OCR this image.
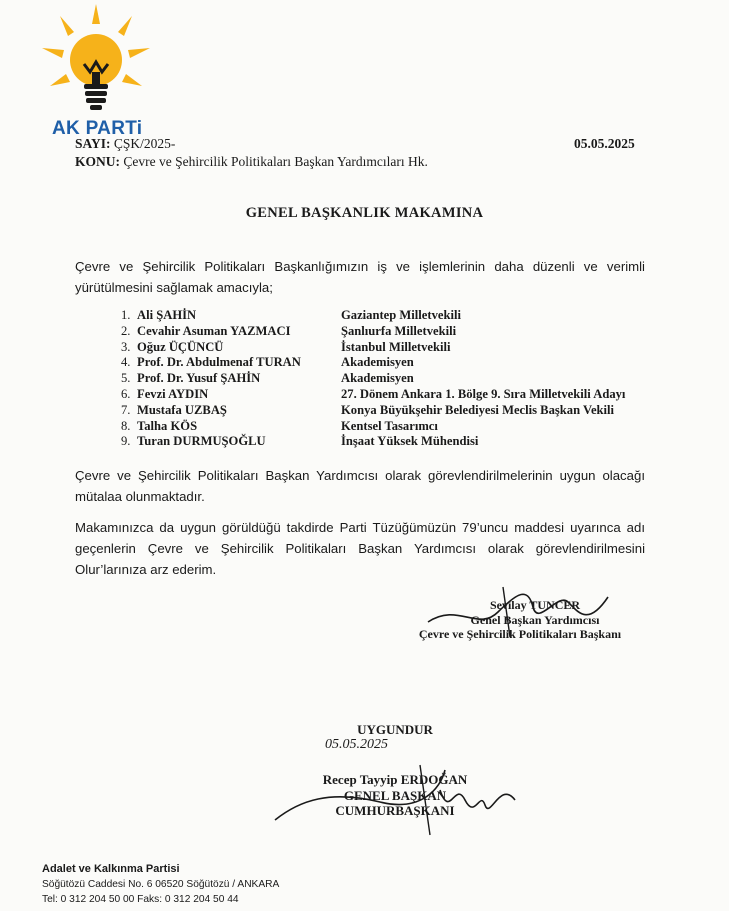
AK PARTi
SAYI: ÇŞK/2025-
KONU: Çevre ve Şehircilik Politikaları Başkan Yardımcıları Hk.
05.05.2025
GENEL BAŞKANLIK MAKAMINA
Çevre ve Şehircilik Politikaları Başkanlığımızın iş ve işlemlerinin daha düzenli ve verimli yürütülmesini sağlamak amacıyla;
1. Ali ŞAHİN	Gaziantep Milletvekili
2. Cevahir Asuman YAZMACI	Şanlıurfa Milletvekili
3. Oğuz ÜÇÜNCÜ	İstanbul Milletvekili
4. Prof. Dr. Abdulmenaf TURAN	Akademisyen
5. Prof. Dr. Yusuf ŞAHİN	Akademisyen
6. Fevzi AYDIN	27. Dönem Ankara 1. Bölge 9. Sıra Milletvekili Adayı
7. Mustafa UZBAŞ	Konya Büyükşehir Belediyesi Meclis Başkan Vekili
8. Talha KÖS	Kentsel Tasarımcı
9. Turan DURMUŞOĞLU	İnşaat Yüksek Mühendisi
Çevre ve Şehircilik Politikaları Başkan Yardımcısı olarak görevlendirilmelerinin uygun olacağı mütalaa olunmaktadır.
Makamınızca da uygun görüldüğü takdirde Parti Tüzüğümüzün 79’uncu maddesi uyarınca adı geçenlerin Çevre ve Şehircilik Politikaları Başkan Yardımcısı olarak görevlendirilmesini Olur’larınıza arz ederim.
Sevilay TUNCER
Genel Başkan Yardımcısı
Çevre ve Şehircilik Politikaları Başkanı
UYGUNDUR
05.05.2025
Recep Tayyip ERDOĞAN
GENEL BAŞKAN
CUMHURBAŞKANI
Adalet ve Kalkınma Partisi
Söğütözü Caddesi No. 6 06520 Söğütözü / ANKARA
Tel: 0 312 204 50 00 Faks: 0 312 204 50 44
